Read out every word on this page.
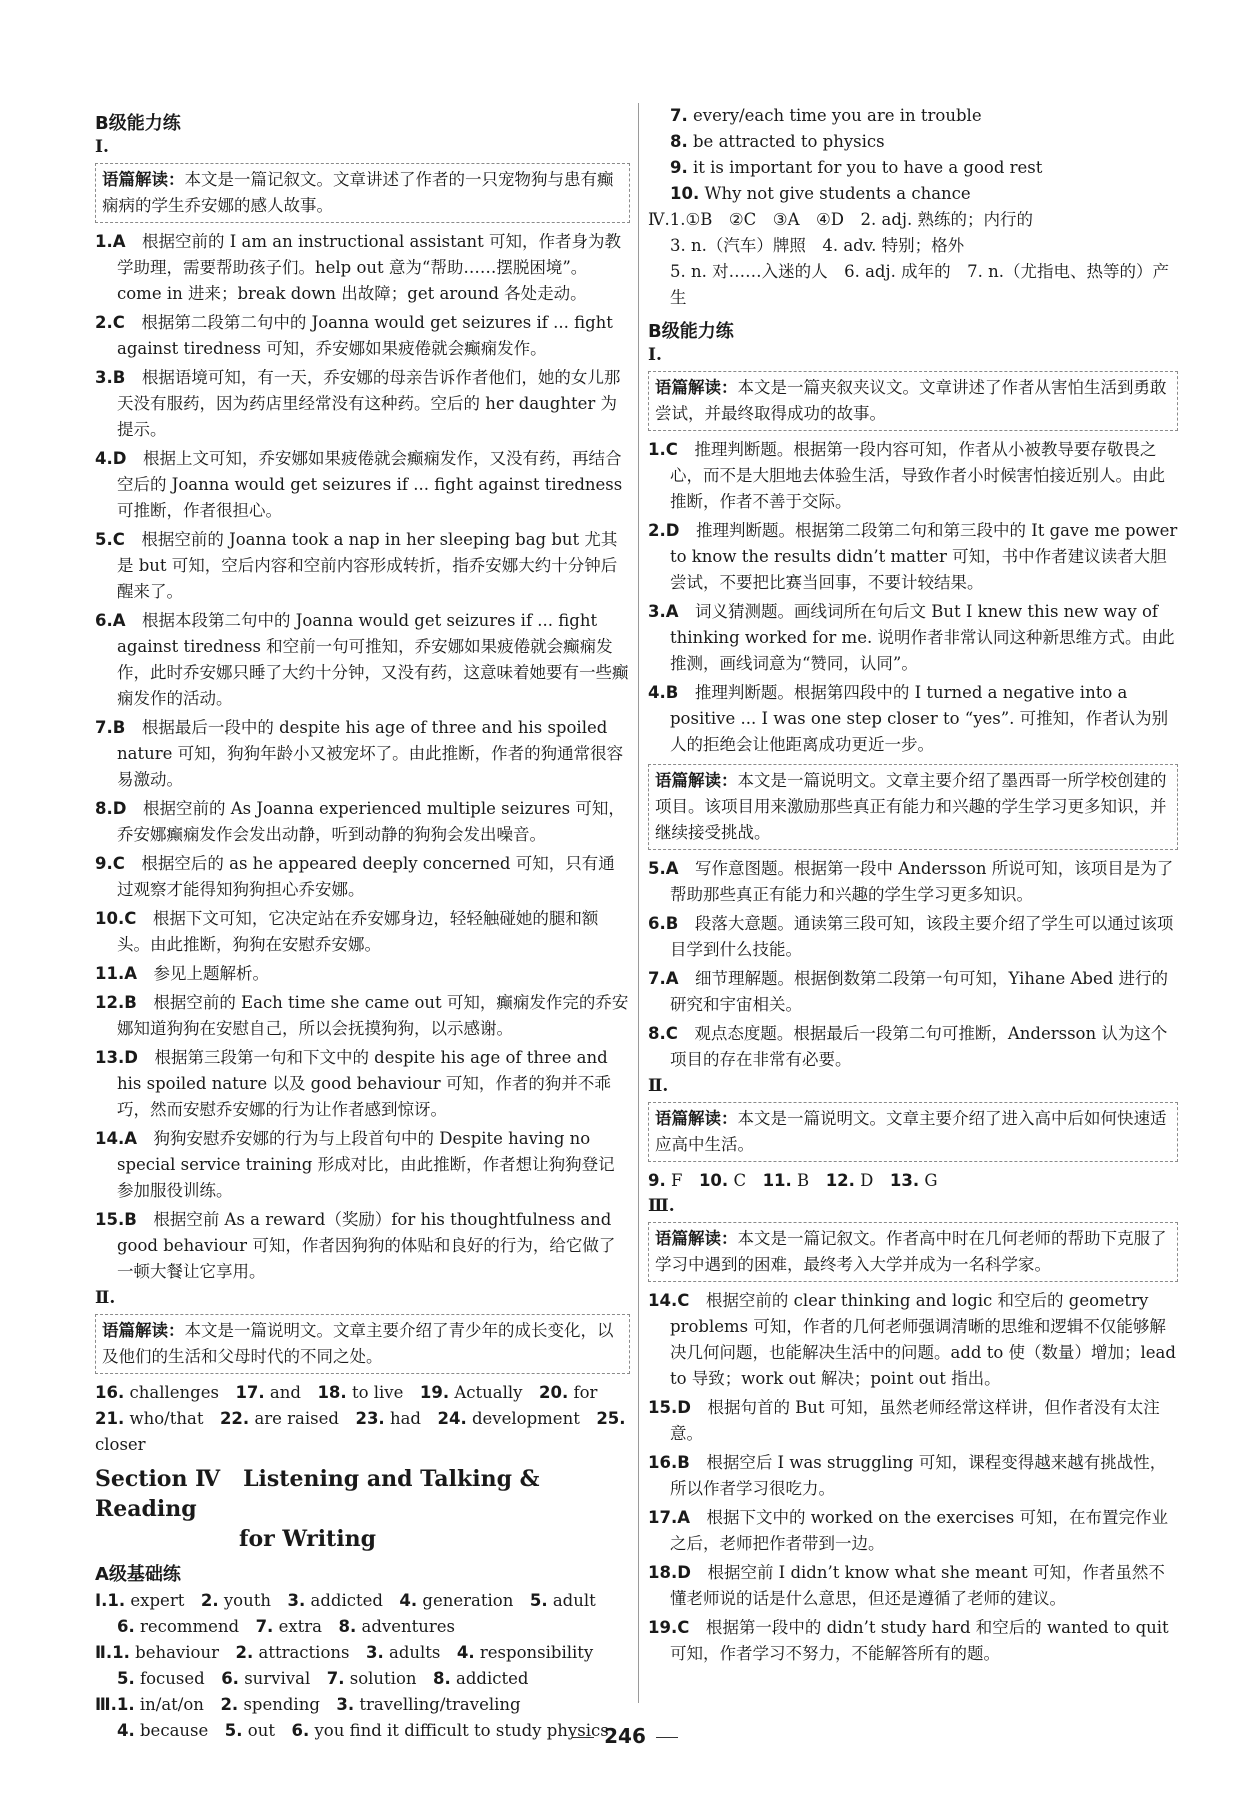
B级能力练
Ⅰ.
语篇解读：本文是一篇记叙文。文章讲述了作者的一只宠物狗与患有癫痫病的学生乔安娜的感人故事。

1.A　 根据空前的 I am an instructional assistant 可知，作者身为教学助理，需要帮助孩子们。help out 意为“帮助……摆脱困境”。come in 进来；break down 出故障；get around 各处走动。

2.C　 根据第二段第二句中的 Joanna would get seizures if ... fight against tiredness 可知，乔安娜如果疲倦就会癫痫发作。

3.B　 根据语境可知，有一天，乔安娜的母亲告诉作者他们，她的女儿那天没有服药，因为药店里经常没有这种药。空后的 her daughter 为提示。

4.D　 根据上文可知，乔安娜如果疲倦就会癫痫发作，又没有药，再结合空后的 Joanna would get seizures if ... fight against tiredness 可推断，作者很担心。

5.C　 根据空前的 Joanna took a nap in her sleeping bag but 尤其是 but 可知，空后内容和空前内容形成转折，指乔安娜大约十分钟后醒来了。

6.A　 根据本段第二句中的 Joanna would get seizures if ... fight against tiredness 和空前一句可推知，乔安娜如果疲倦就会癫痫发作，此时乔安娜只睡了大约十分钟，又没有药，这意味着她要有一些癫痫发作的活动。

7.B　 根据最后一段中的 despite his age of three and his spoiled nature 可知，狗狗年龄小又被宠坏了。由此推断，作者的狗通常很容易激动。

8.D　 根据空前的 As Joanna experienced multiple seizures 可知，乔安娜癫痫发作会发出动静，听到动静的狗狗会发出噪音。

9.C　 根据空后的 as he appeared deeply concerned 可知，只有通过观察才能得知狗狗担心乔安娜。

10.C　 根据下文可知，它决定站在乔安娜身边，轻轻触碰她的腿和额头。由此推断，狗狗在安慰乔安娜。

11.A　 参见上题解析。

12.B　 根据空前的 Each time she came out 可知，癫痫发作完的乔安娜知道狗狗在安慰自己，所以会抚摸狗狗，以示感谢。

13.D　 根据第三段第一句和下文中的 despite his age of three and his spoiled nature 以及 good behaviour 可知，作者的狗并不乖巧，然而安慰乔安娜的行为让作者感到惊讶。

14.A　 狗狗安慰乔安娜的行为与上段首句中的 Despite having no special service training 形成对比，由此推断，作者想让狗狗登记参加服役训练。

15.B　 根据空前 As a reward（奖励）for his thoughtfulness and good behaviour 可知，作者因狗狗的体贴和良好的行为，给它做了一顿大餐让它享用。

Ⅱ.
语篇解读：本文是一篇说明文。文章主要介绍了青少年的成长变化，以及他们的生活和父母时代的不同之处。

16. challenges  17. and  18. to live  19. Actually  20. for

21. who/that  22. are raised  23. had  24. development  25. closer

Section Ⅳ Listening and Talking & Reading
for Writing
A级基础练

Ⅰ.1. expert  2. youth  3. addicted  4. generation  5. adult

6. recommend  7. extra  8. adventures

Ⅱ.1. behaviour  2. attractions  3. adults  4. responsibility

5. focused  6. survival  7. solution  8. addicted

Ⅲ.1. in/at/on  2. spending  3. travelling/traveling

4. because  5. out  6. you find it difficult to study physics

7. every/each time you are in trouble

8. be attracted to physics

9. it is important for you to have a good rest

10. Why not give students a chance

Ⅳ.1.①B　②C　③A　④D　2. adj. 熟练的；内行的

3. n.（汽车）牌照　4. adv. 特别；格外

5. n. 对……入迷的人　6. adj. 成年的　7. n.（尤指电、热等的）产生

B级能力练
Ⅰ.
语篇解读：本文是一篇夹叙夹议文。文章讲述了作者从害怕生活到勇敢尝试，并最终取得成功的故事。

1.C　 推理判断题。根据第一段内容可知，作者从小被教导要存敬畏之心，而不是大胆地去体验生活，导致作者小时候害怕接近别人。由此推断，作者不善于交际。

2.D　 推理判断题。根据第二段第二句和第三段中的 It gave me power to know the results didn’t matter 可知，书中作者建议读者大胆尝试，不要把比赛当回事，不要计较结果。

3.A　 词义猜测题。画线词所在句后文 But I knew this new way of thinking worked for me. 说明作者非常认同这种新思维方式。由此推测，画线词意为“赞同，认同”。

4.B　 推理判断题。根据第四段中的 I turned a negative into a positive ... I was one step closer to “yes”. 可推知，作者认为别人的拒绝会让他距离成功更近一步。

语篇解读：本文是一篇说明文。文章主要介绍了墨西哥一所学校创建的项目。该项目用来激励那些真正有能力和兴趣的学生学习更多知识，并继续接受挑战。

5.A　 写作意图题。根据第一段中 Andersson 所说可知，该项目是为了帮助那些真正有能力和兴趣的学生学习更多知识。

6.B　 段落大意题。通读第三段可知，该段主要介绍了学生可以通过该项目学到什么技能。

7.A　 细节理解题。根据倒数第二段第一句可知，Yihane Abed 进行的研究和宇宙相关。

8.C　 观点态度题。根据最后一段第二句可推断，Andersson 认为这个项目的存在非常有必要。

Ⅱ.
语篇解读：本文是一篇说明文。文章主要介绍了进入高中后如何快速适应高中生活。

9. F  10. C  11. B  12. D  13. G

Ⅲ.
语篇解读：本文是一篇记叙文。作者高中时在几何老师的帮助下克服了学习中遇到的困难，最终考入大学并成为一名科学家。

14.C　 根据空前的 clear thinking and logic 和空后的 geometry problems 可知，作者的几何老师强调清晰的思维和逻辑不仅能够解决几何问题，也能解决生活中的问题。add to 使（数量）增加；lead to 导致；work out 解决；point out 指出。

15.D　 根据句首的 But 可知，虽然老师经常这样讲，但作者没有太注意。

16.B　 根据空后 I was struggling 可知，课程变得越来越有挑战性，所以作者学习很吃力。

17.A　 根据下文中的 worked on the exercises 可知，在布置完作业之后，老师把作者带到一边。

18.D　 根据空前 I didn’t know what she meant 可知，作者虽然不懂老师说的话是什么意思，但还是遵循了老师的建议。

19.C　 根据第一段中的 didn’t study hard 和空后的 wanted to quit 可知，作者学习不努力，不能解答所有的题。

246
